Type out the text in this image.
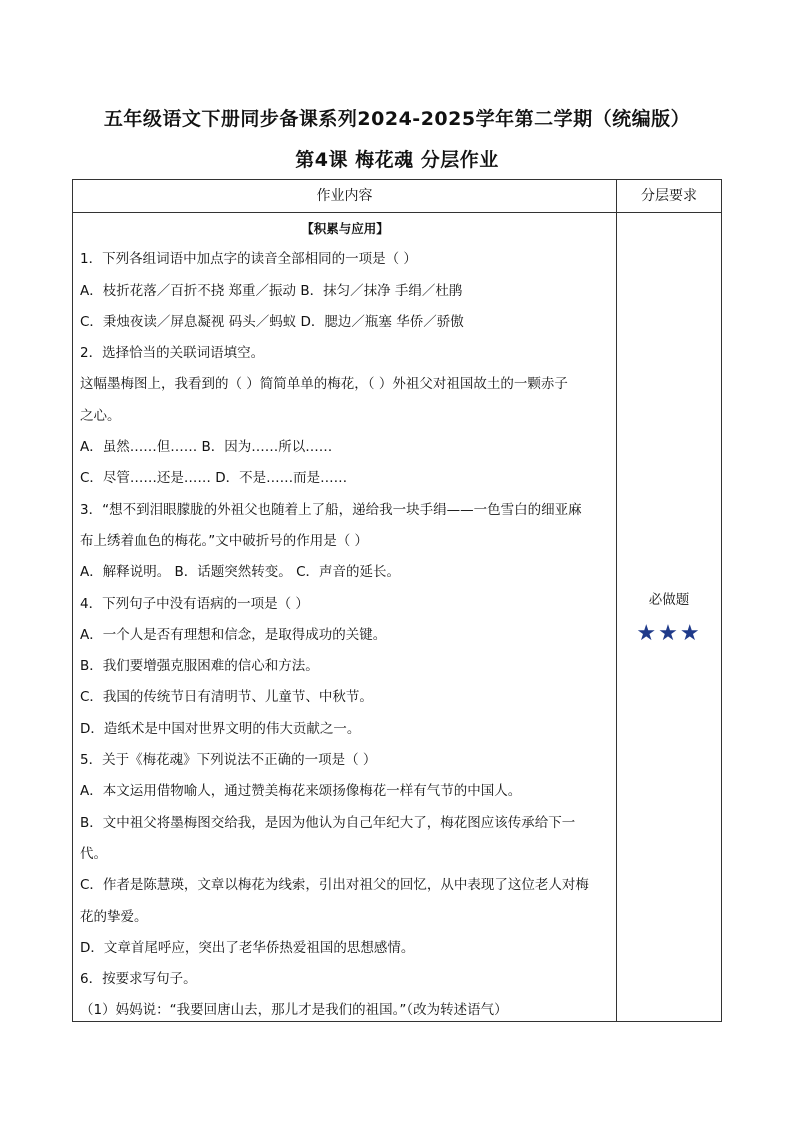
五年级语文下册同步备课系列2024-2025学年第二学期（统编版）
第4课 梅花魂 分层作业
作业内容	分层要求
【积累与应用】
1．下列各组词语中加点字的读音全部相同的一项是（ ）
A．枝折花落／百折不挠 郑重／振动 B．抹匀／抹净 手绢／杜鹃
C．秉烛夜读／屏息凝视 码头／蚂蚁 D．腮边／瓶塞 华侨／骄傲
2．选择恰当的关联词语填空。
这幅墨梅图上，我看到的（ ）简简单单的梅花，（ ）外祖父对祖国故土的一颗赤子
之心。
A．虽然……但…… B．因为……所以……
C．尽管……还是…… D．不是……而是……
3．“想不到泪眼朦胧的外祖父也随着上了船，递给我一块手绢——一色雪白的细亚麻
布上绣着血色的梅花。”文中破折号的作用是（ ）
A．解释说明。 B．话题突然转变。 C．声音的延长。
4．下列句子中没有语病的一项是（ ）
A．一个人是否有理想和信念，是取得成功的关键。
B．我们要增强克服困难的信心和方法。
C．我国的传统节日有清明节、儿童节、中秋节。
D．造纸术是中国对世界文明的伟大贡献之一。
5．关于《梅花魂》下列说法不正确的一项是（ ）
A．本文运用借物喻人，通过赞美梅花来颂扬像梅花一样有气节的中国人。
B．文中祖父将墨梅图交给我，是因为他认为自己年纪大了，梅花图应该传承给下一
代。
C．作者是陈慧瑛，文章以梅花为线索，引出对祖父的回忆，从中表现了这位老人对梅
花的挚爱。
D．文章首尾呼应，突出了老华侨热爱祖国的思想感情。
6．按要求写句子。
（1）妈妈说：“我要回唐山去，那儿才是我们的祖国。”（改为转述语气）
必做题
★★★
